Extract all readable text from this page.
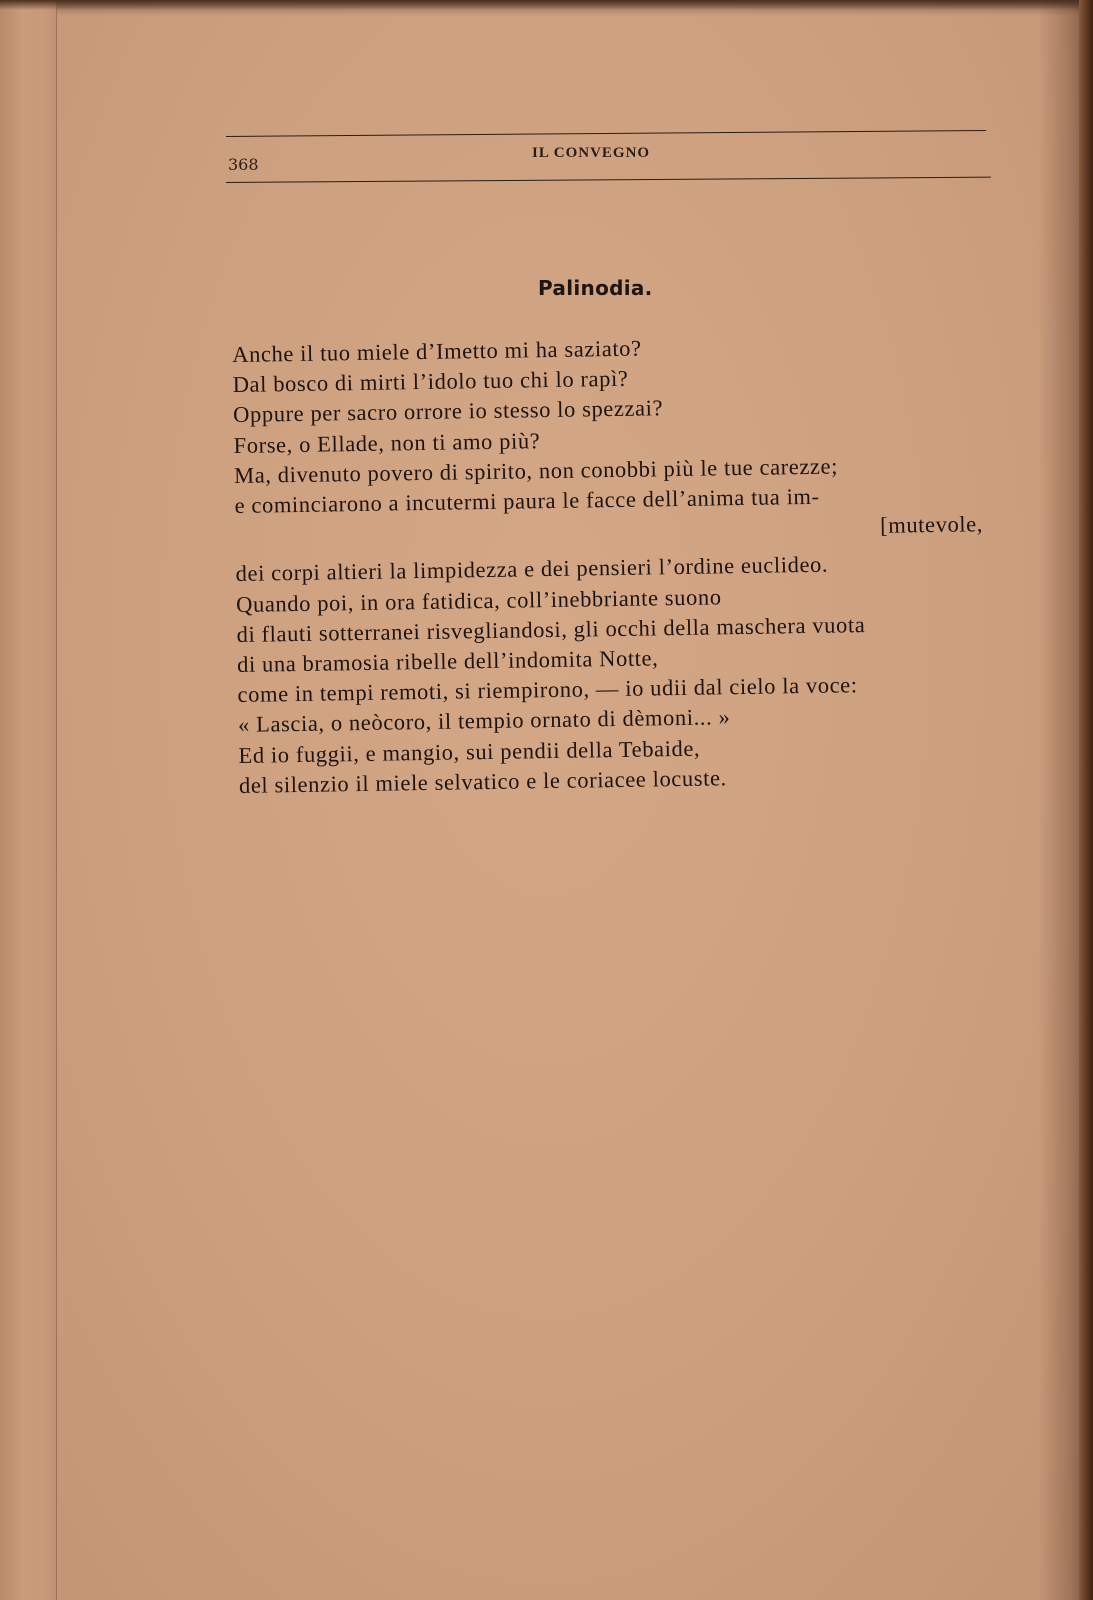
368
IL CONVEGNO
Palinodia.
Anche il tuo miele d’Imetto mi ha saziato?
Dal bosco di mirti l’idolo tuo chi lo rapì?
Oppure per sacro orrore io stesso lo spezzai?
Forse, o Ellade, non ti amo più?
Ma, divenuto povero di spirito, non conobbi più le tue carezze;
e cominciarono a incutermi paura le facce dell’anima tua im-
[mutevole,
dei corpi altieri la limpidezza e dei pensieri l’ordine euclideo.
Quando poi, in ora fatidica, coll’inebbriante suono
di flauti sotterranei risvegliandosi, gli occhi della maschera vuota
di una bramosia ribelle dell’indomita Notte,
come in tempi remoti, si riempirono, — io udii dal cielo la voce:
« Lascia, o neòcoro, il tempio ornato di dèmoni... »
Ed io fuggii, e mangio, sui pendii della Tebaide,
del silenzio il miele selvatico e le coriacee locuste.
